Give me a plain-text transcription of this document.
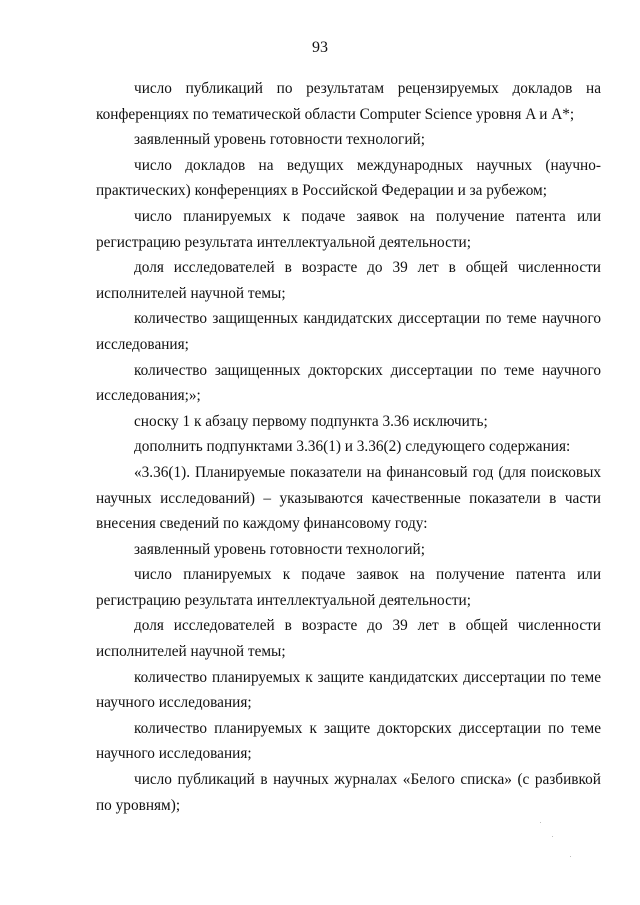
93

число публикаций по результатам рецензируемых докладов на конференциях по тематической области Computer Science уровня A и A*;

заявленный уровень готовности технологий;

число докладов на ведущих международных научных (научно-практических) конференциях в Российской Федерации и за рубежом;

число планируемых к подаче заявок на получение патента или регистрацию результата интеллектуальной деятельности;

доля исследователей в возрасте до 39 лет в общей численности исполнителей научной темы;

количество защищенных кандидатских диссертации по теме научного исследования;

количество защищенных докторских диссертации по теме научного исследования;»;

сноску 1 к абзацу первому подпункта 3.36 исключить;

дополнить подпунктами 3.36(1) и 3.36(2) следующего содержания:

«3.36(1). Планируемые показатели на финансовый год (для поисковых научных исследований) – указываются качественные показатели в части внесения сведений по каждому финансовому году:

заявленный уровень готовности технологий;

число планируемых к подаче заявок на получение патента или регистрацию результата интеллектуальной деятельности;

доля исследователей в возрасте до 39 лет в общей численности исполнителей научной темы;

количество планируемых к защите кандидатских диссертации по теме научного исследования;

количество планируемых к защите докторских диссертации по теме научного исследования;

число публикаций в научных журналах «Белого списка» (с разбивкой по уровням);
